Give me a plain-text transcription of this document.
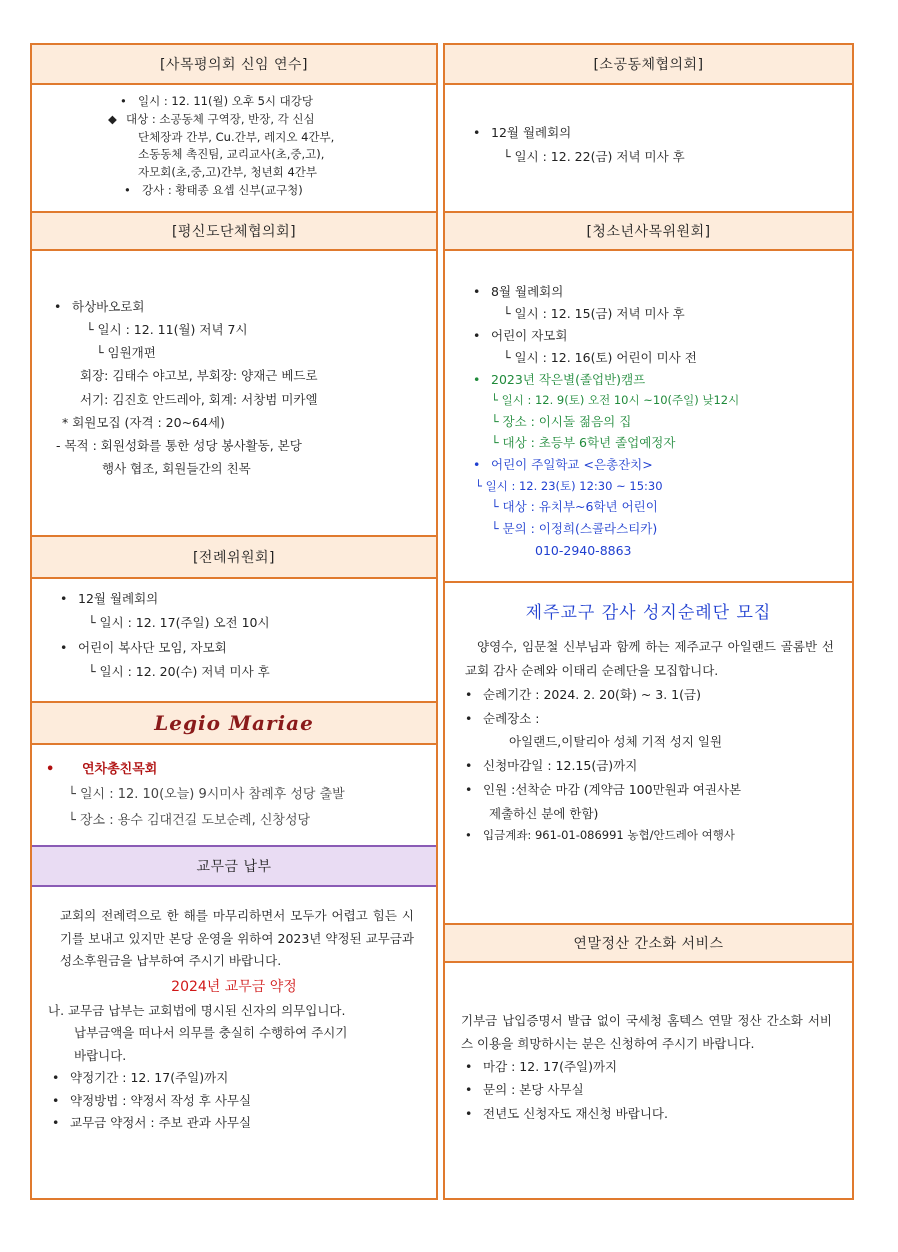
[사목평의회 신임 연수]
• 일시 : 12. 11(월) 오후 5시 대강당
◆ 대상 : 소공동체 구역장, 반장, 각 신심
단체장과 간부, Cu.간부, 레지오 4간부,
소동동체 촉진팀, 교리교사(초,중,고),
자모회(초,중,고)간부, 청년회 4간부
• 강사 : 황태종 요셉 신부(교구청)
[평신도단체협의회]
• 하상바오로회
└ 일시 : 12. 11(월) 저녁 7시
└ 임원개편
회장: 김태수 야고보, 부회장: 양재근 베드로
서기: 김진호 안드레아, 회계: 서창범 미카엘
* 회원모집 (자격 : 20~64세)
- 목적 : 회원성화를 통한 성당 봉사활동, 본당
행사 협조, 회원들간의 친목
[전례위원회]
• 12월 월례회의
└ 일시 : 12. 17(주일) 오전 10시
• 어린이 복사단 모임, 자모회
└ 일시 : 12. 20(수) 저녁 미사 후
Legio Mariae
•	연차총친목회
└ 일시 : 12. 10(오늘) 9시미사 참례후 성당 출발
└ 장소 : 용수 김대건길 도보순례, 신창성당
교무금 납부
교회의 전례력으로 한 해를 마무리하면서 모두가 어렵고 힘든 시기를 보내고 있지만 본당 운영을 위하여 2023년 약정된 교무금과 성소후원금을 납부하여 주시기 바랍니다.
2024년 교무금 약정
나. 교무금 납부는 교회법에 명시된 신자의 의무입니다.
납부금액을 떠나서 의무를 충실히 수행하여 주시기
바랍니다.
• 약정기간 : 12. 17(주일)까지
• 약정방법 : 약정서 작성 후 사무실
• 교무금 약정서 : 주보 관과 사무실
[소공동체협의회]
• 12월 월례회의
└ 일시 : 12. 22(금) 저녁 미사 후
[청소년사목위원회]
• 8월 월례회의
└ 일시 : 12. 15(금) 저녁 미사 후
• 어린이 자모회
└ 일시 : 12. 16(토) 어린이 미사 전
• 2023년 작은별(졸업반)캠프
└ 일시 : 12. 9(토) 오전 10시 ~10(주일) 낮12시
└ 장소 : 이시돌 젊음의 집
└ 대상 : 초등부 6학년 졸업예정자
• 어린이 주일학교 <은총잔치>
└ 일시 : 12. 23(토) 12:30 ~ 15:30
└ 대상 : 유치부~6학년 어린이
└ 문의 : 이정희(스콜라스티카)
010-2940-8863
제주교구 감사 성지순례단 모집
양영수, 임문철 신부님과 함께 하는 제주교구 아일랜드 골롬반 선교회 감사 순례와 이태리 순례단을 모집합니다.
• 순례기간 : 2024. 2. 20(화) ~ 3. 1(금)
• 순례장소 :
아일랜드,이탈리아 성체 기적 성지 일원
• 신청마감일 : 12.15(금)까지
• 인원 :선착순 마감 (계약금 100만원과 여권사본
제출하신 분에 한함)
• 입금계좌: 961-01-086991 농협/안드레아 여행사
연말정산 간소화 서비스
기부금 납입증명서 발급 없이 국세청 홈텍스 연말 정산 간소화 서비스 이용을 희망하시는 분은 신청하여 주시기 바랍니다.
• 마감 : 12. 17(주일)까지
• 문의 : 본당 사무실
• 전년도 신청자도 재신청 바랍니다.
